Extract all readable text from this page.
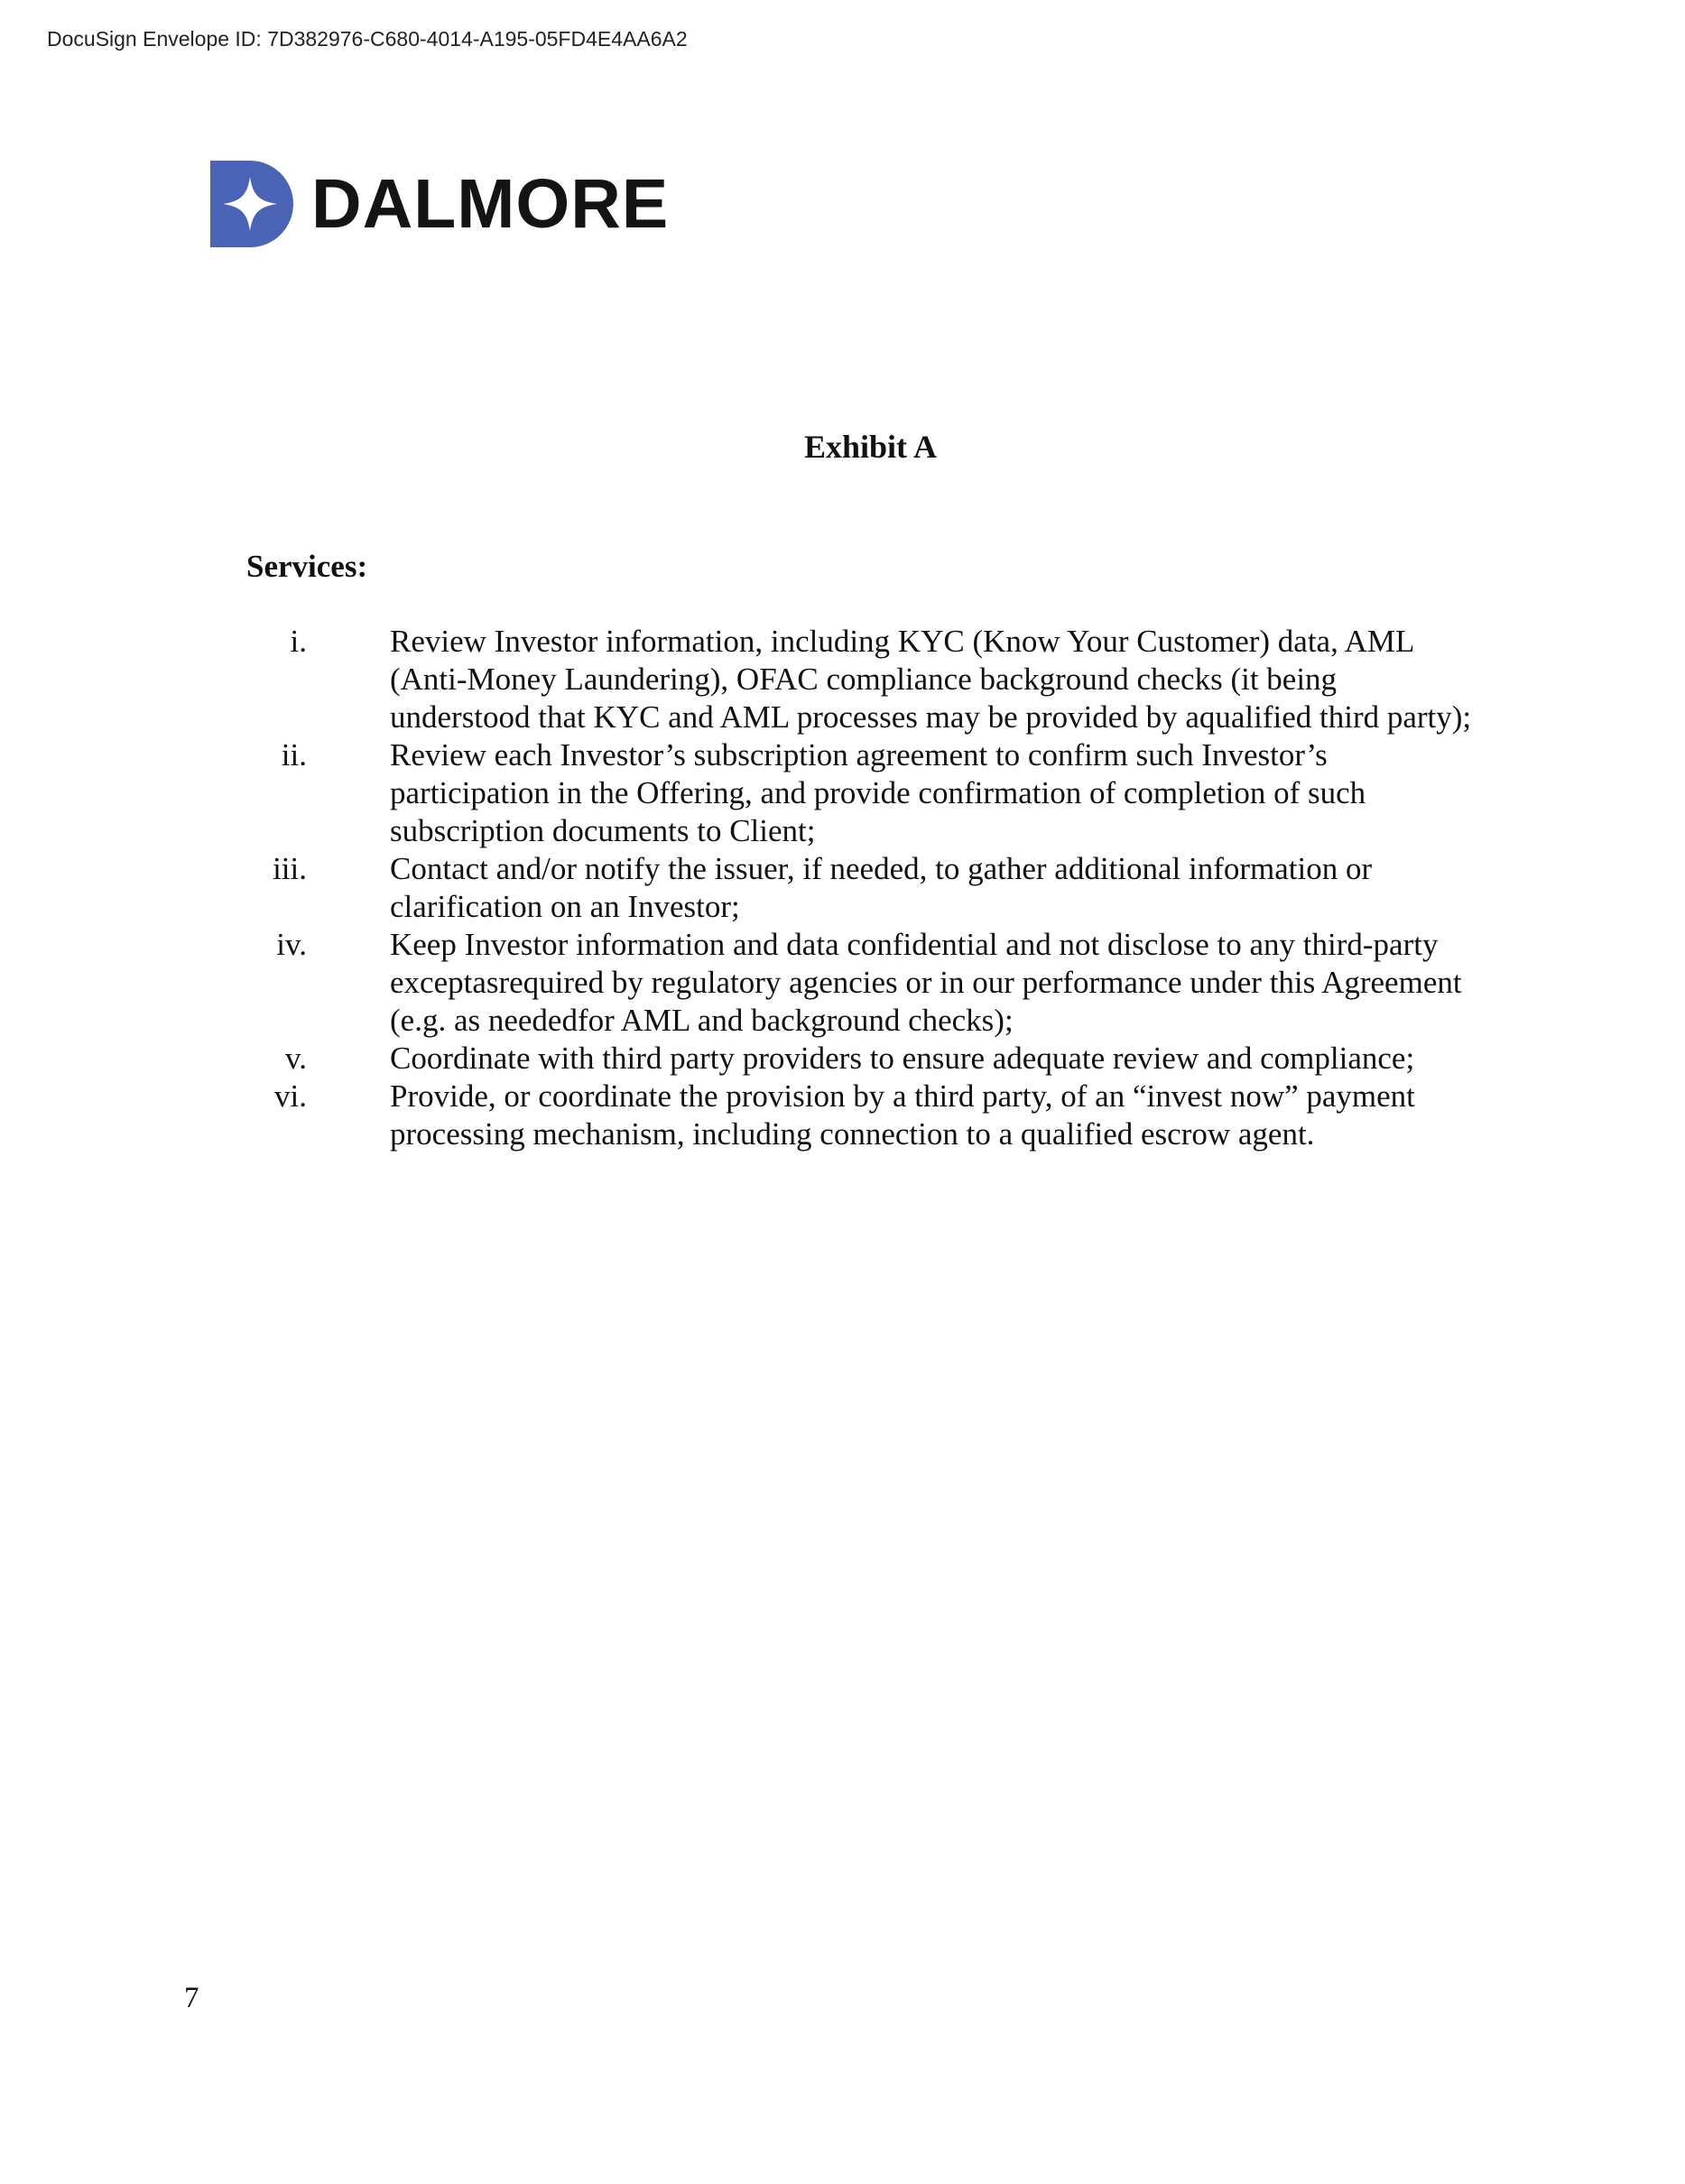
DocuSign Envelope ID: 7D382976-C680-4014-A195-05FD4E4AA6A2
DALMORE
Exhibit A
Services:
i.	Review Investor information, including KYC (Know Your Customer) data, AML (Anti-Money Laundering), OFAC compliance background checks (it being understood that KYC and AML processes may be provided by aqualified third party);
ii.	Review each Investor’s subscription agreement to confirm such Investor’s participation in the Offering, and provide confirmation of completion of such subscription documents to Client;
iii.	Contact and/or notify the issuer, if needed, to gather additional information or clarification on an Investor;
iv.	Keep Investor information and data confidential and not disclose to any third-party exceptasrequired by regulatory agencies or in our performance under this Agreement (e.g. as neededfor AML and background checks);
v.	Coordinate with third party providers to ensure adequate review and compliance;
vi.	Provide, or coordinate the provision by a third party, of an “invest now” payment processing mechanism, including connection to a qualified escrow agent.
7
